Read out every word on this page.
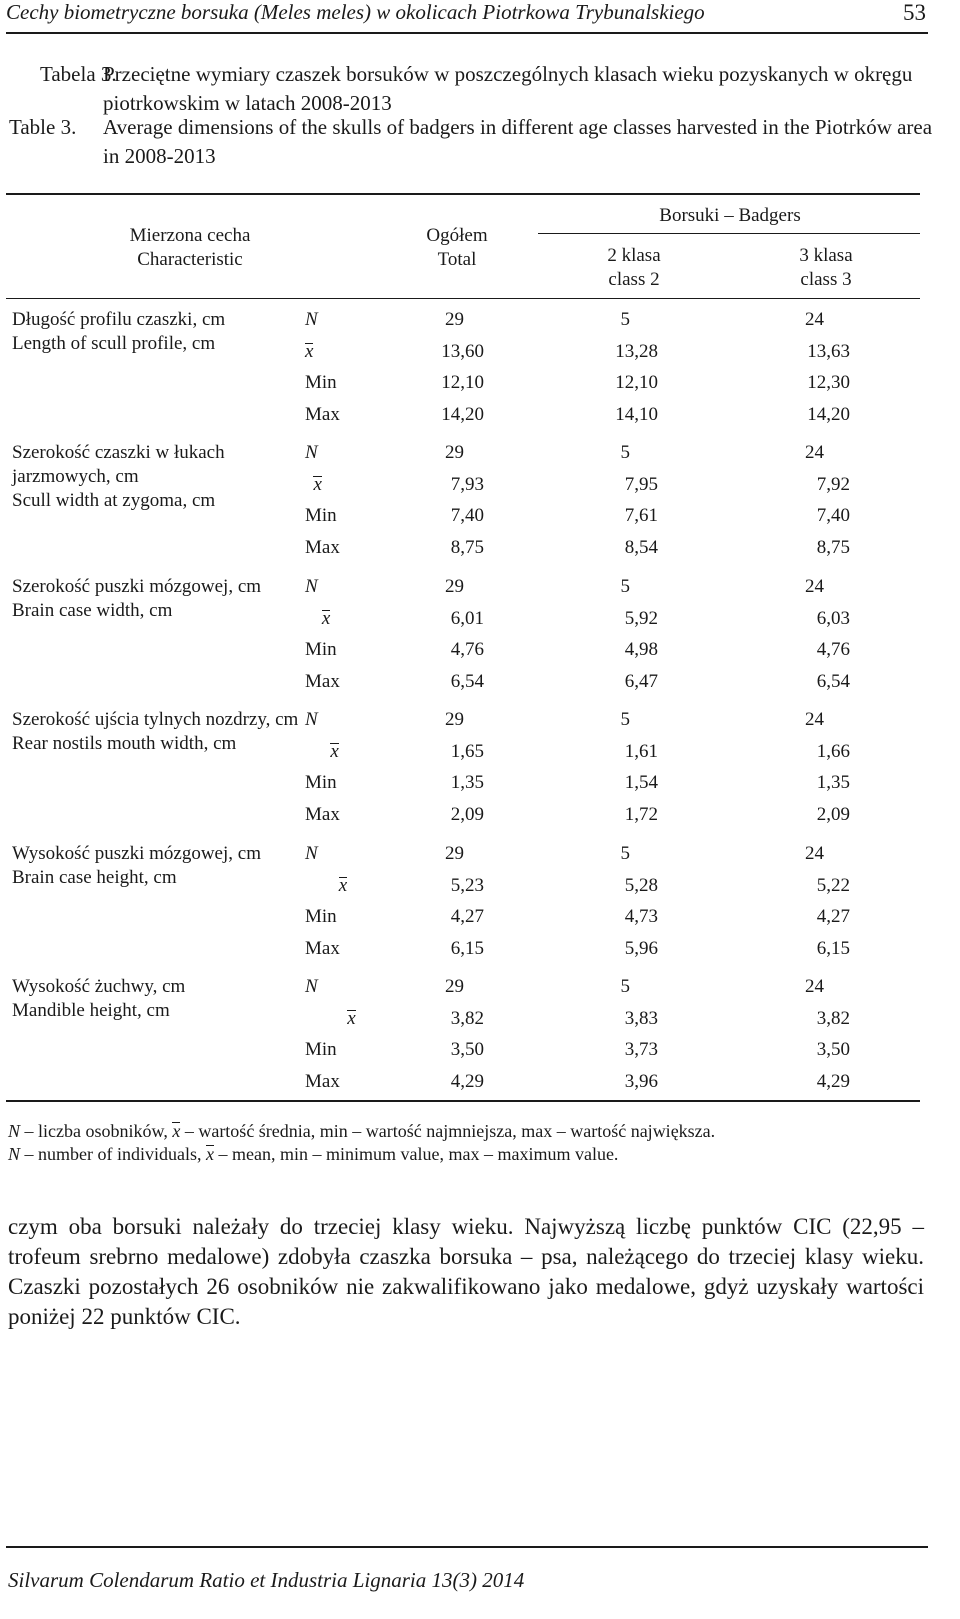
Cechy biometryczne borsuka (Meles meles) w okolicach Piotrkowa Trybunalskiego	53
Tabela 3.
Przeciętne wymiary czaszek borsuków w poszczególnych klasach wieku pozyskanych w okręgu piotrkowskim w latach 2008-2013
Table 3. Average dimensions of the skulls of badgers in different age classes harvested in the Piotrków area in 2008-2013
Mierzona cecha
Characteristic
Ogółem
Total
Borsuki – Badgers
2 klasa
class 2
3 klasa
class 3
Długość profilu czaszki, cm
Length of scull profile, cm
N	29	5	24
x	13,60	13,28	13,63
Min	12,10	12,10	12,30
Max	14,20	14,10	14,20
Szerokość czaszki w łukach jarzmowych, cm
Scull width at zygoma, cm
N	29	5	24
x	7,93	7,95	7,92
Min	7,40	7,61	7,40
Max	8,75	8,54	8,75
Szerokość puszki mózgowej, cm
Brain case width, cm
N	29	5	24
x	6,01	5,92	6,03
Min	4,76	4,98	4,76
Max	6,54	6,47	6,54
Szerokość ujścia tylnych nozdrzy, cm
Rear nostils mouth width, cm
N	29	5	24
x	1,65	1,61	1,66
Min	1,35	1,54	1,35
Max	2,09	1,72	2,09
Wysokość puszki mózgowej, cm
Brain case height, cm
N	29	5	24
x	5,23	5,28	5,22
Min	4,27	4,73	4,27
Max	6,15	5,96	6,15
Wysokość żuchwy, cm
Mandible height, cm
N	29	5	24
x	3,82	3,83	3,82
Min	3,50	3,73	3,50
Max	4,29	3,96	4,29
N – liczba osobników, x – wartość średnia, min – wartość najmniejsza, max – wartość największa.
N – number of individuals, x – mean, min – minimum value, max – maximum value.
czym oba borsuki należały do trzeciej klasy wieku. Najwyższą liczbę punktów CIC (22,95 – trofeum srebrno medalowe) zdobyła czaszka borsuka – psa, należącego do trzeciej klasy wieku. Czaszki pozostałych 26 osobników nie zakwalifikowano jako medalowe, gdyż uzyskały wartości poniżej 22 punktów CIC.
Silvarum Colendarum Ratio et Industria Lignaria 13(3) 2014
